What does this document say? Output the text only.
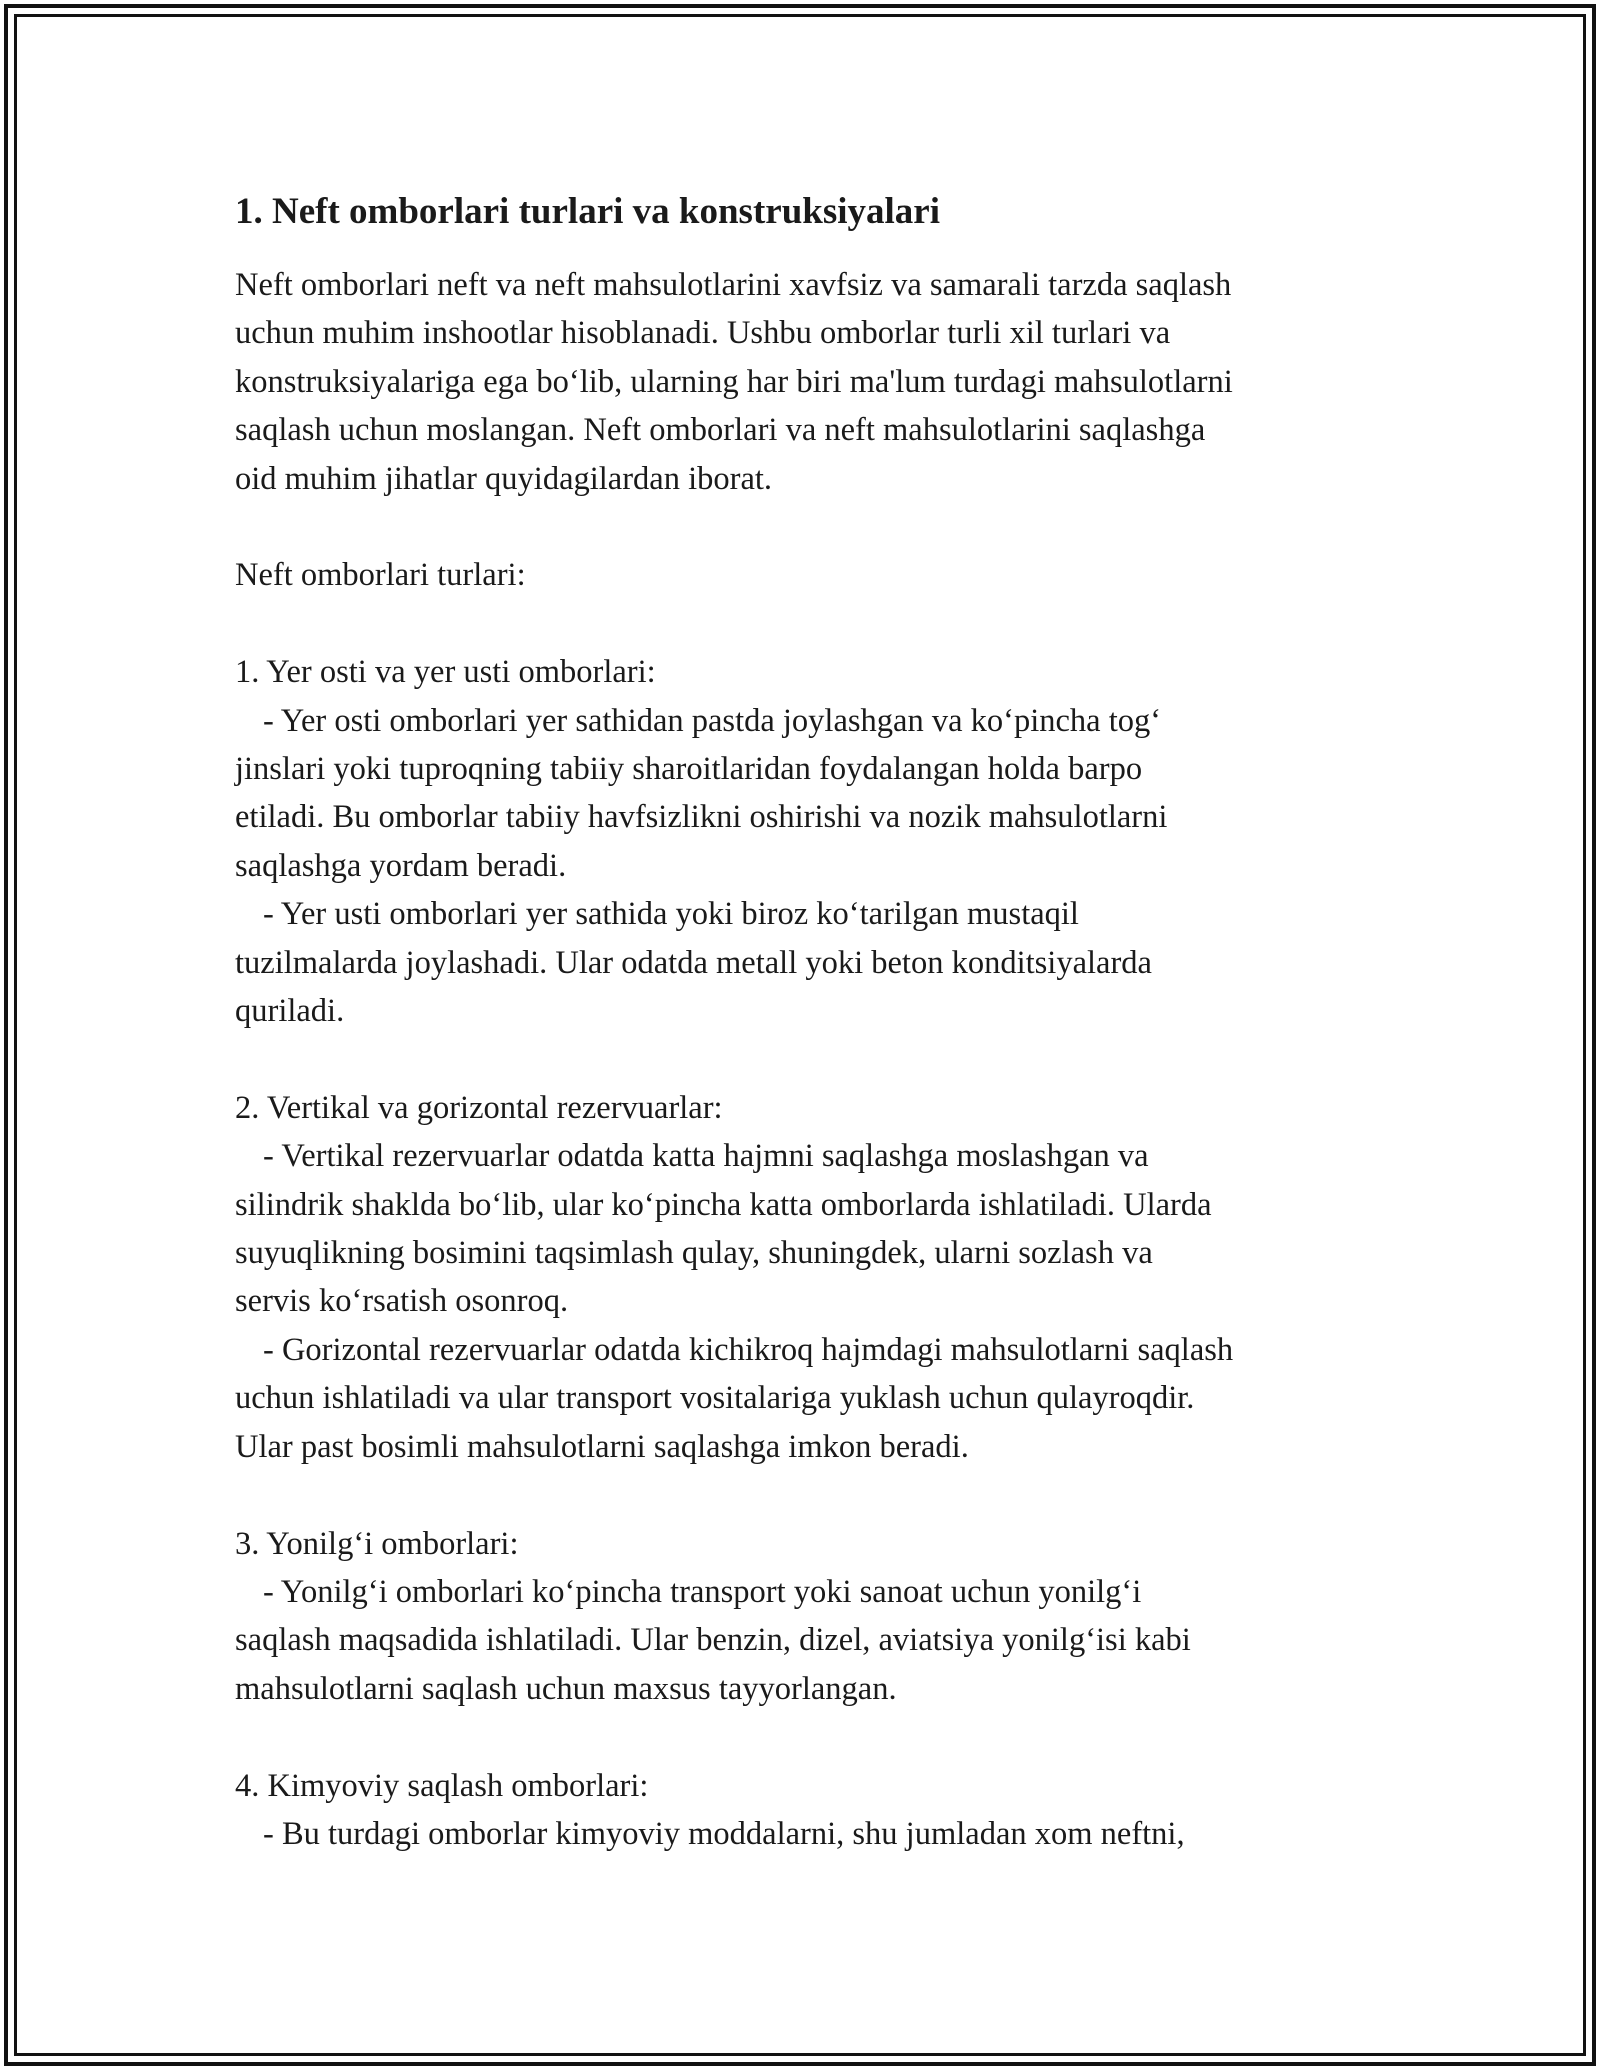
1. Neft omborlari turlari va konstruksiyalari
Neft omborlari neft va neft mahsulotlarini xavfsiz va samarali tarzda saqlash
uchun muhim inshootlar hisoblanadi. Ushbu omborlar turli xil turlari va
konstruksiyalariga ega bo‘lib, ularning har biri ma'lum turdagi mahsulotlarni
saqlash uchun moslangan. Neft omborlari va neft mahsulotlarini saqlashga
oid muhim jihatlar quyidagilardan iborat.
Neft omborlari turlari:
1. Yer osti va yer usti omborlari:
- Yer osti omborlari yer sathidan pastda joylashgan va ko‘pincha tog‘
jinslari yoki tuproqning tabiiy sharoitlaridan foydalangan holda barpo
etiladi. Bu omborlar tabiiy havfsizlikni oshirishi va nozik mahsulotlarni
saqlashga yordam beradi.
- Yer usti omborlari yer sathida yoki biroz ko‘tarilgan mustaqil
tuzilmalarda joylashadi. Ular odatda metall yoki beton konditsiyalarda
quriladi.
2. Vertikal va gorizontal rezervuarlar:
- Vertikal rezervuarlar odatda katta hajmni saqlashga moslashgan va
silindrik shaklda bo‘lib, ular ko‘pincha katta omborlarda ishlatiladi. Ularda
suyuqlikning bosimini taqsimlash qulay, shuningdek, ularni sozlash va
servis ko‘rsatish osonroq.
- Gorizontal rezervuarlar odatda kichikroq hajmdagi mahsulotlarni saqlash
uchun ishlatiladi va ular transport vositalariga yuklash uchun qulayroqdir.
Ular past bosimli mahsulotlarni saqlashga imkon beradi.
3. Yonilg‘i omborlari:
- Yonilg‘i omborlari ko‘pincha transport yoki sanoat uchun yonilg‘i
saqlash maqsadida ishlatiladi. Ular benzin, dizel, aviatsiya yonilg‘isi kabi
mahsulotlarni saqlash uchun maxsus tayyorlangan.
4. Kimyoviy saqlash omborlari:
- Bu turdagi omborlar kimyoviy moddalarni, shu jumladan xom neftni,
